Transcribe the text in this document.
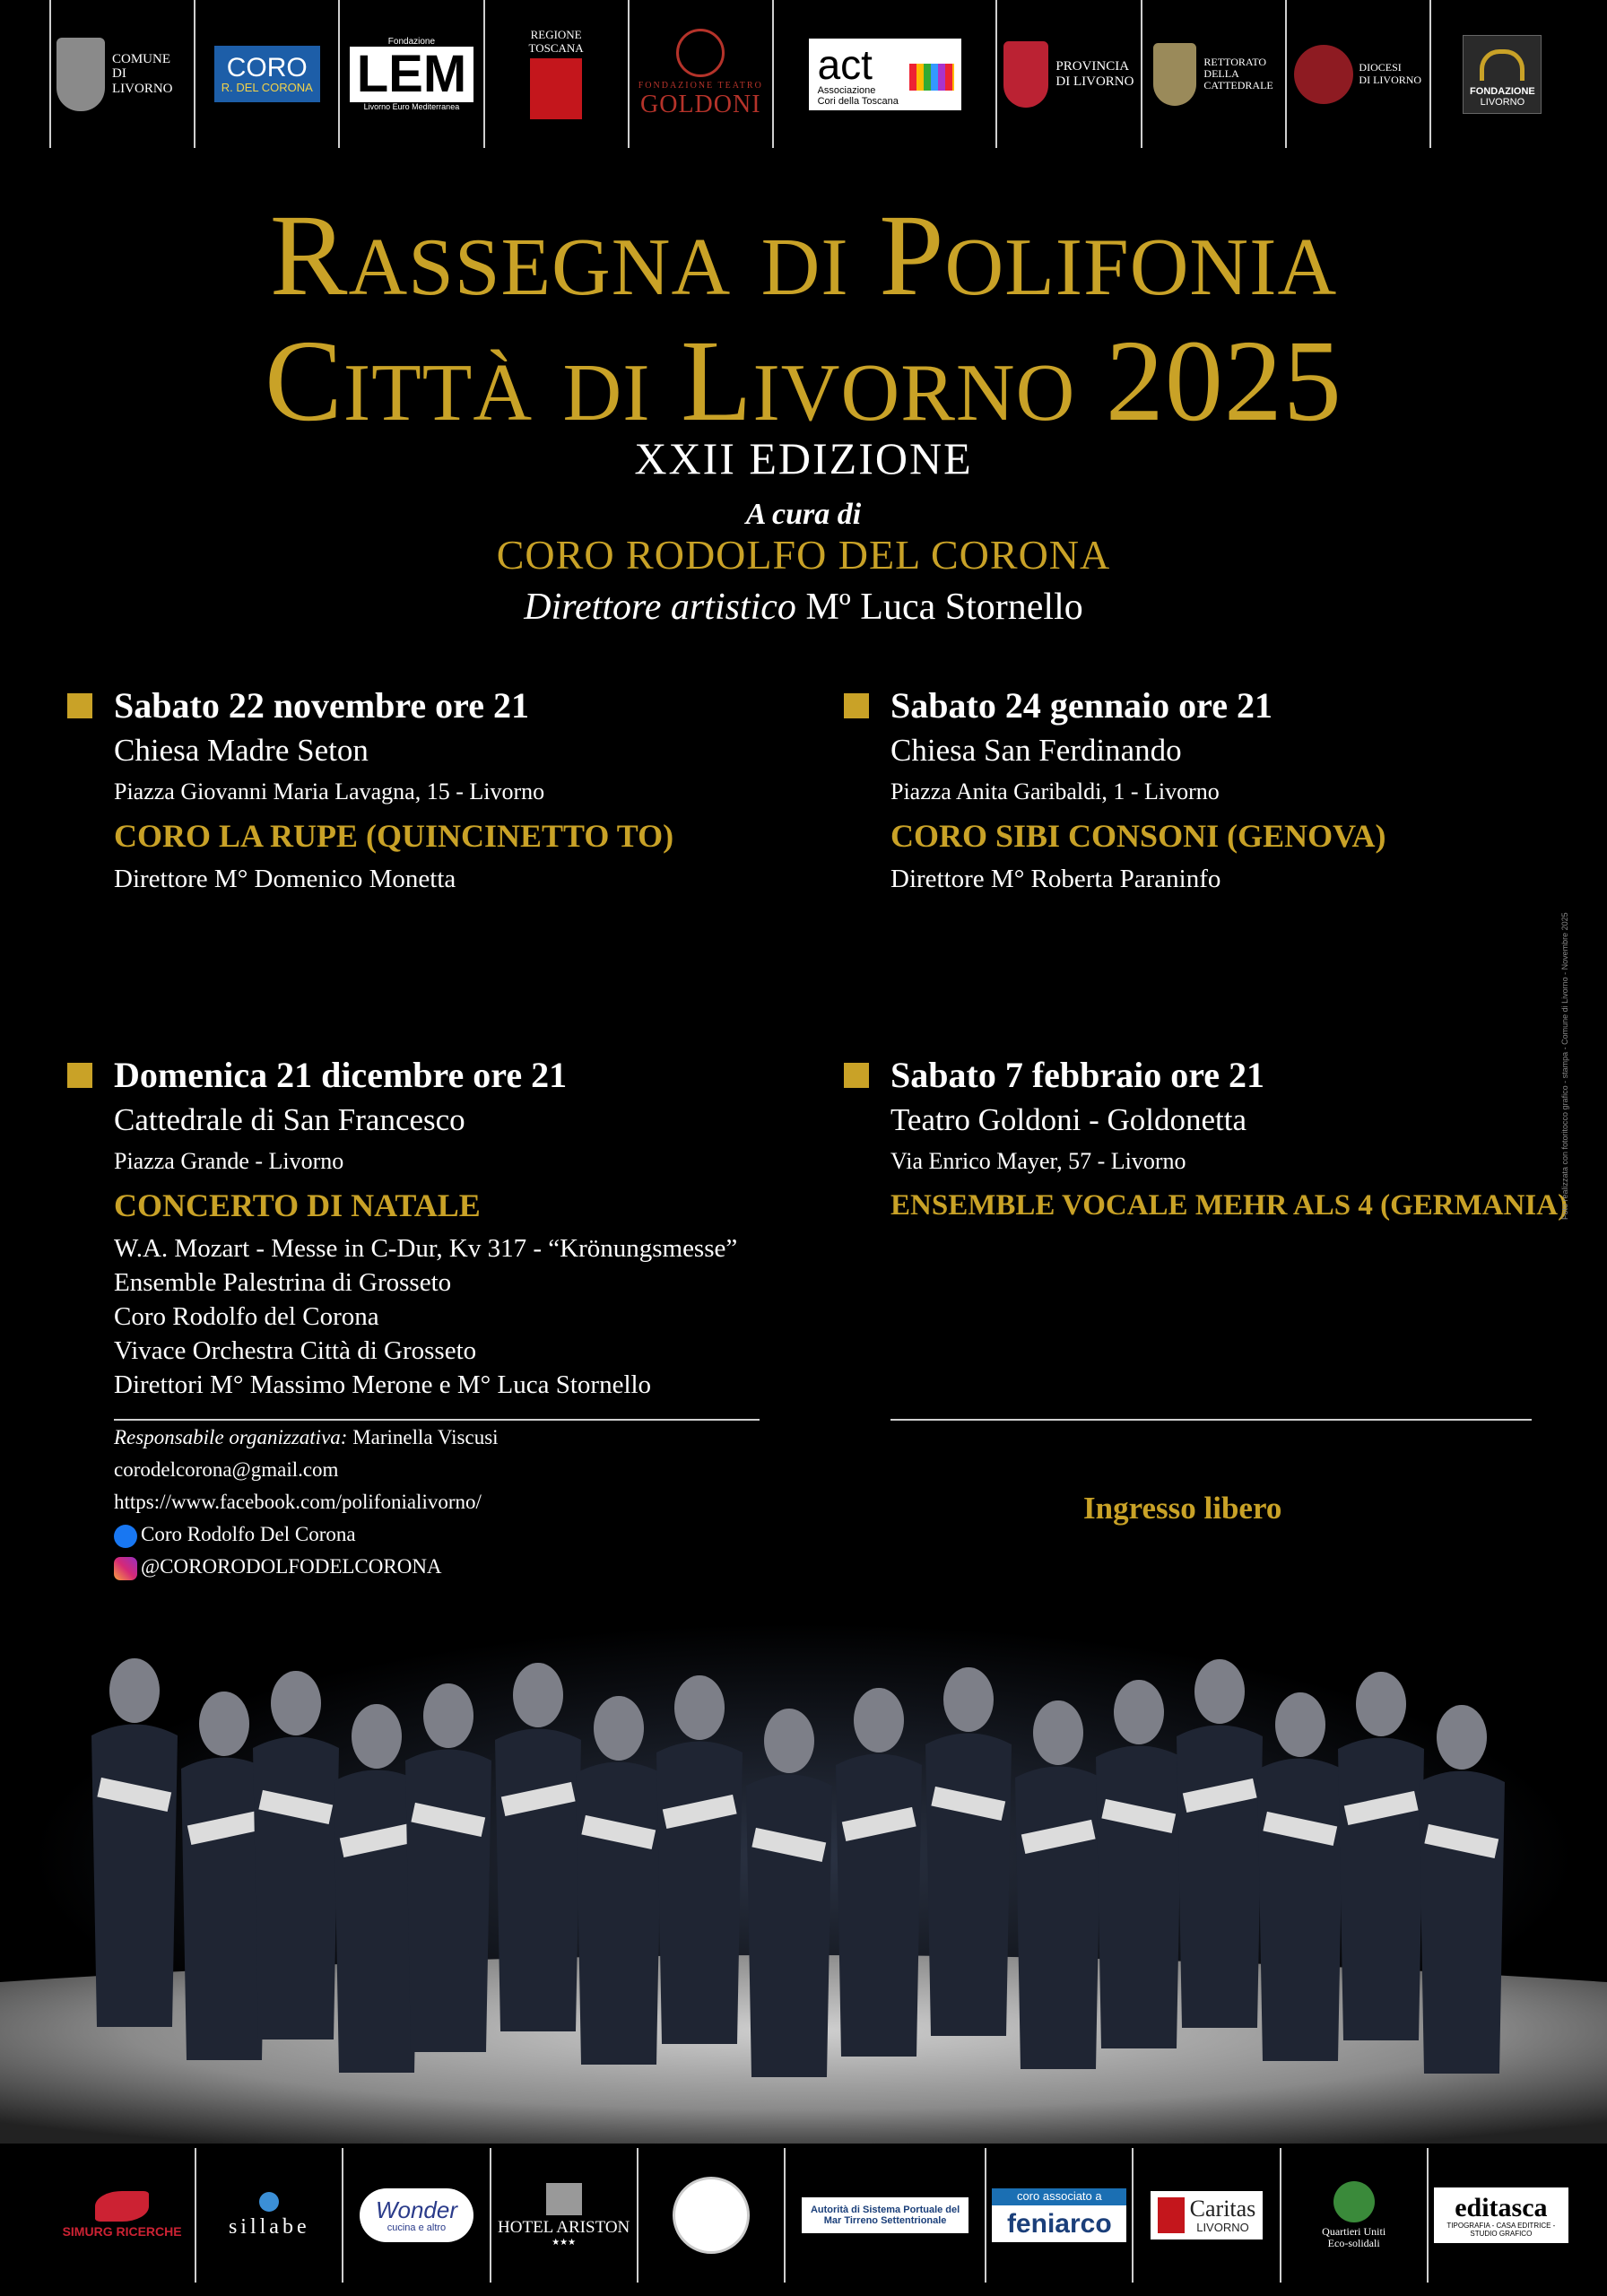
COMUNE
DI LIVORNO
CORO
R. DEL CORONA
Fondazione
LEM
Livorno Euro Mediterranea
REGIONE
TOSCANA
FONDAZIONE TEATRO
GOLDONI
act
Associazione
Cori della Toscana
PROVINCIA
DI LIVORNO
RETTORATO
DELLA
CATTEDRALE
DIOCESI
DI LIVORNO
FONDAZIONE
LIVORNO
Rassegna di Polifonia
Città di Livorno 2025
XXII EDIZIONE
A cura di
CORO RODOLFO DEL CORONA
Direttore artistico Mº Luca Stornello
Sabato 22 novembre ore 21
Chiesa Madre Seton
Piazza Giovanni Maria Lavagna, 15 - Livorno
CORO LA RUPE (QUINCINETTO TO)
Direttore M° Domenico Monetta
Sabato 24 gennaio ore 21
Chiesa San Ferdinando
Piazza Anita Garibaldi, 1 - Livorno
CORO SIBI CONSONI (GENOVA)
Direttore M° Roberta Paraninfo
Domenica 21 dicembre ore 21
Cattedrale di San Francesco
Piazza Grande - Livorno
CONCERTO DI NATALE
W.A. Mozart - Messe in C-Dur, Kv 317 - “Krönungsmesse”
Ensemble Palestrina di Grosseto
Coro Rodolfo del Corona
Vivace Orchestra Città di Grosseto
Direttori M° Massimo Merone e M° Luca Stornello
Sabato 7 febbraio ore 21
Teatro Goldoni - Goldonetta
Via Enrico Mayer, 57 - Livorno
ENSEMBLE VOCALE MEHR ALS 4 (GERMANIA)
Responsabile organizzativa: Marinella Viscusi
corodelcorona@gmail.com
https://www.facebook.com/polifonialivorno/
Coro Rodolfo Del Corona
@CORORODOLFODELCORONA
Ingresso libero
Foto realizzata con fotoritocco grafico - stampa - Comune di Livorno - Novembre 2025
SIMURG RICERCHE sillabe
Wonder
cucina e altro	HOTEL ARISTON
★★★
Autorità di Sistema Portuale del
Mar Tirreno Settentrionale
coro associato a
feniarco
Caritas
LIVORNO	Quartieri Uniti
Eco-solidali
editasca
TIPOGRAFIA - CASA EDITRICE - STUDIO GRAFICO
